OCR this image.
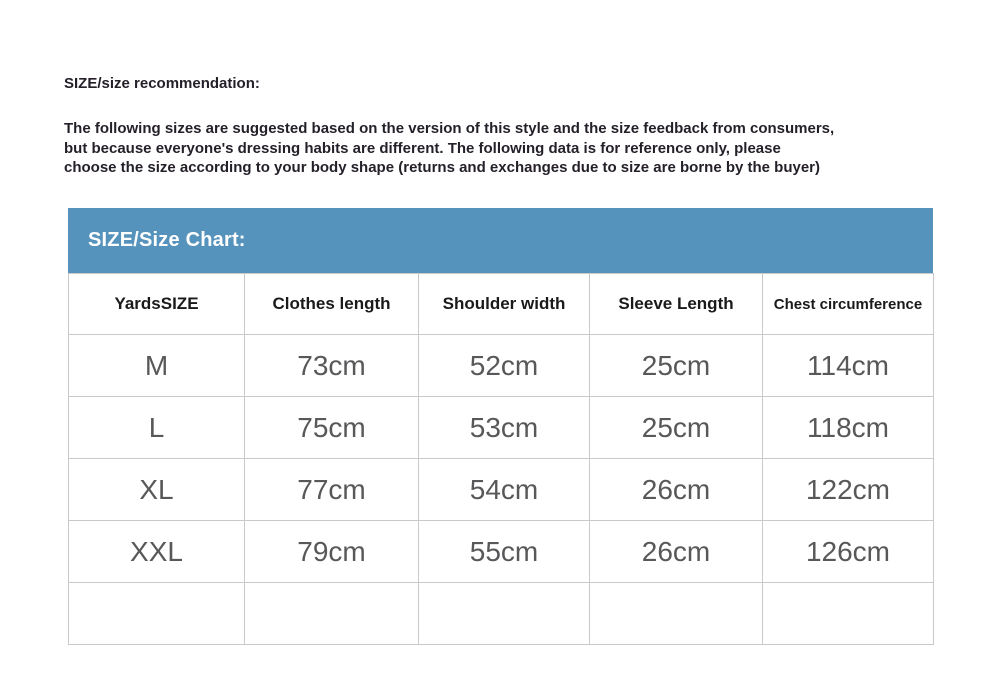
SIZE/size recommendation:
The following sizes are suggested based on the version of this style and the size feedback from consumers,
but because everyone's dressing habits are different. The following data is for reference only, please
choose the size according to your body shape (returns and exchanges due to size are borne by the buyer)
SIZE/Size Chart:
YardsSIZE	Clothes length	Shoulder width	Sleeve Length	Chest circumference
M	73cm	52cm	25cm	114cm
L	75cm	53cm	25cm	118cm
XL	77cm	54cm	26cm	122cm
XXL	79cm	55cm	26cm	126cm
